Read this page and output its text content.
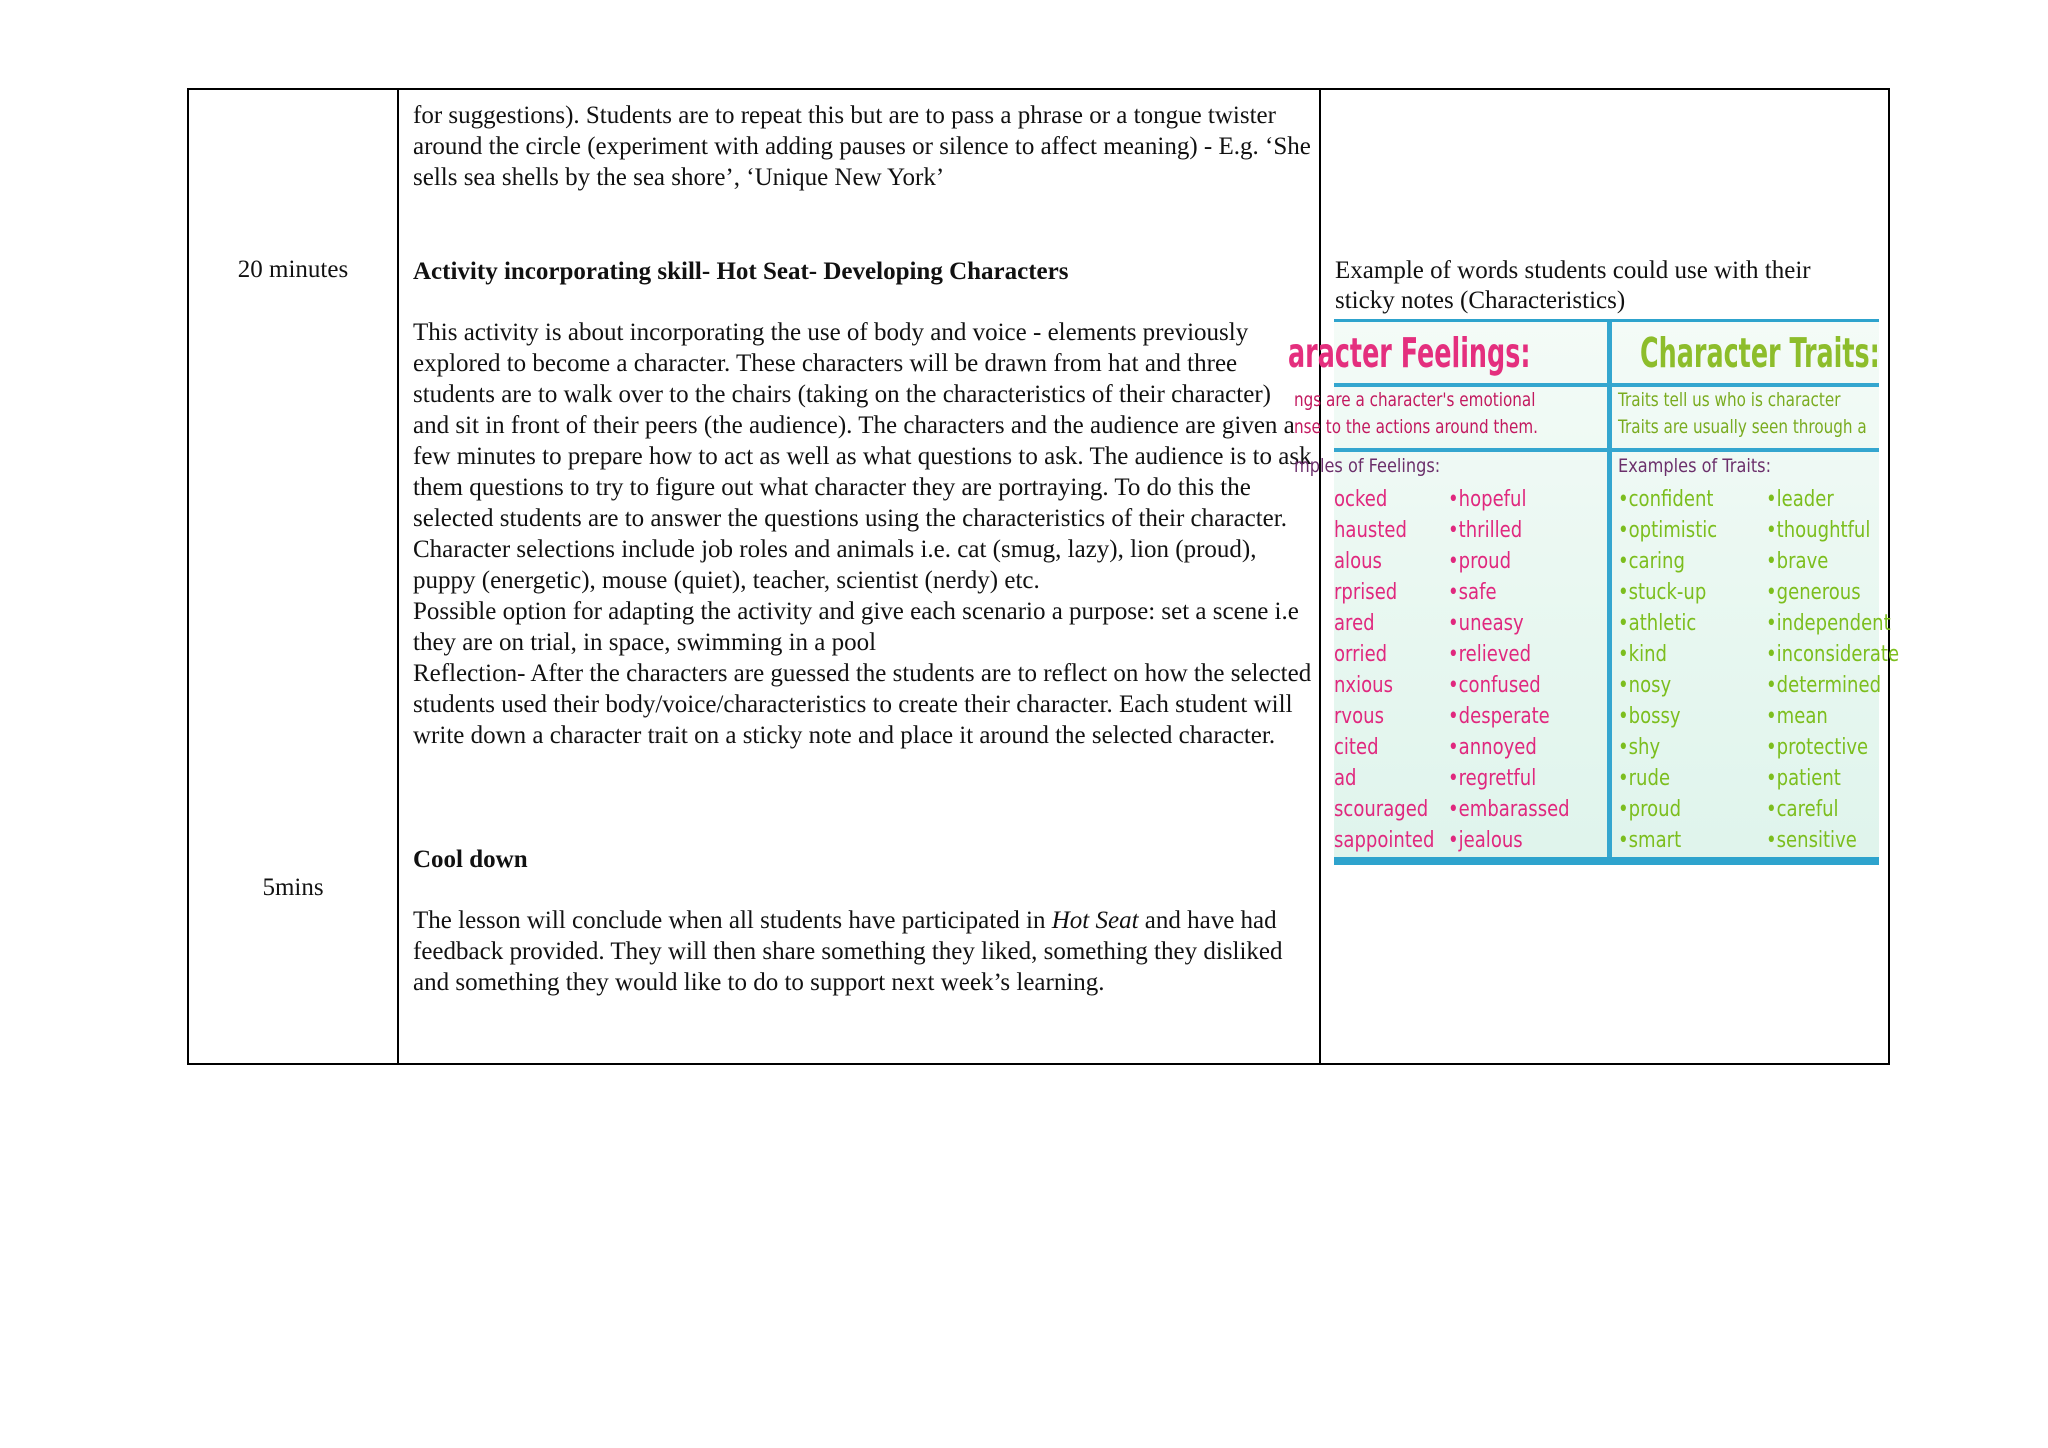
20 minutes
5mins

for suggestions). Students are to repeat this but are to pass a phrase or a tongue twister around the circle (experiment with adding pauses or silence to affect meaning) - E.g. ‘She sells sea shells by the sea shore’, ‘Unique New York’

Activity incorporating skill- Hot Seat- Developing Characters

This activity is about incorporating the use of body and voice - elements previously explored to become a character. These characters will be drawn from hat and three students are to walk over to the chairs (taking on the characteristics of their character) and sit in front of their peers (the audience). The characters and the audience are given a few minutes to prepare how to act as well as what questions to ask. The audience is to ask them questions to try to figure out what character they are portraying. To do this the selected students are to answer the questions using the characteristics of their character.

Character selections include job roles and animals i.e. cat (smug, lazy), lion (proud), puppy (energetic), mouse (quiet), teacher, scientist (nerdy) etc.

Possible option for adapting the activity and give each scenario a purpose: set a scene i.e they are on trial, in space, swimming in a pool

Reflection- After the characters are guessed the students are to reflect on how the selected students used their body/voice/characteristics to create their character. Each student will write down a character trait on a sticky note and place it around the selected character.

Cool down

The lesson will conclude when all students have participated in Hot Seat and have had feedback provided. They will then share something they liked, something they disliked and something they would like to do to support next week’s learning.

Example of words students could use with their sticky notes (Characteristics)
aracter Feelings:
ngs are a character's emotional
nse to the actions around them.
mples of Feelings:
ocked
hausted
alous
rprised
ared
orried
nxious
rvous
cited
ad
scouraged
sappointed
•hopeful
•thrilled
•proud
•safe
•uneasy
•relieved
•confused
•desperate
•annoyed
•regretful
•embarassed
•jealous
Character Traits:
Traits tell us who is character
Traits are usually seen through a
Examples of Traits:
•confident
•optimistic
•caring
•stuck-up
•athletic
•kind
•nosy
•bossy
•shy
•rude
•proud
•smart
•leader
•thoughtful
•brave
•generous
•independent
•inconsiderate
•determined
•mean
•protective
•patient
•careful
•sensitive
